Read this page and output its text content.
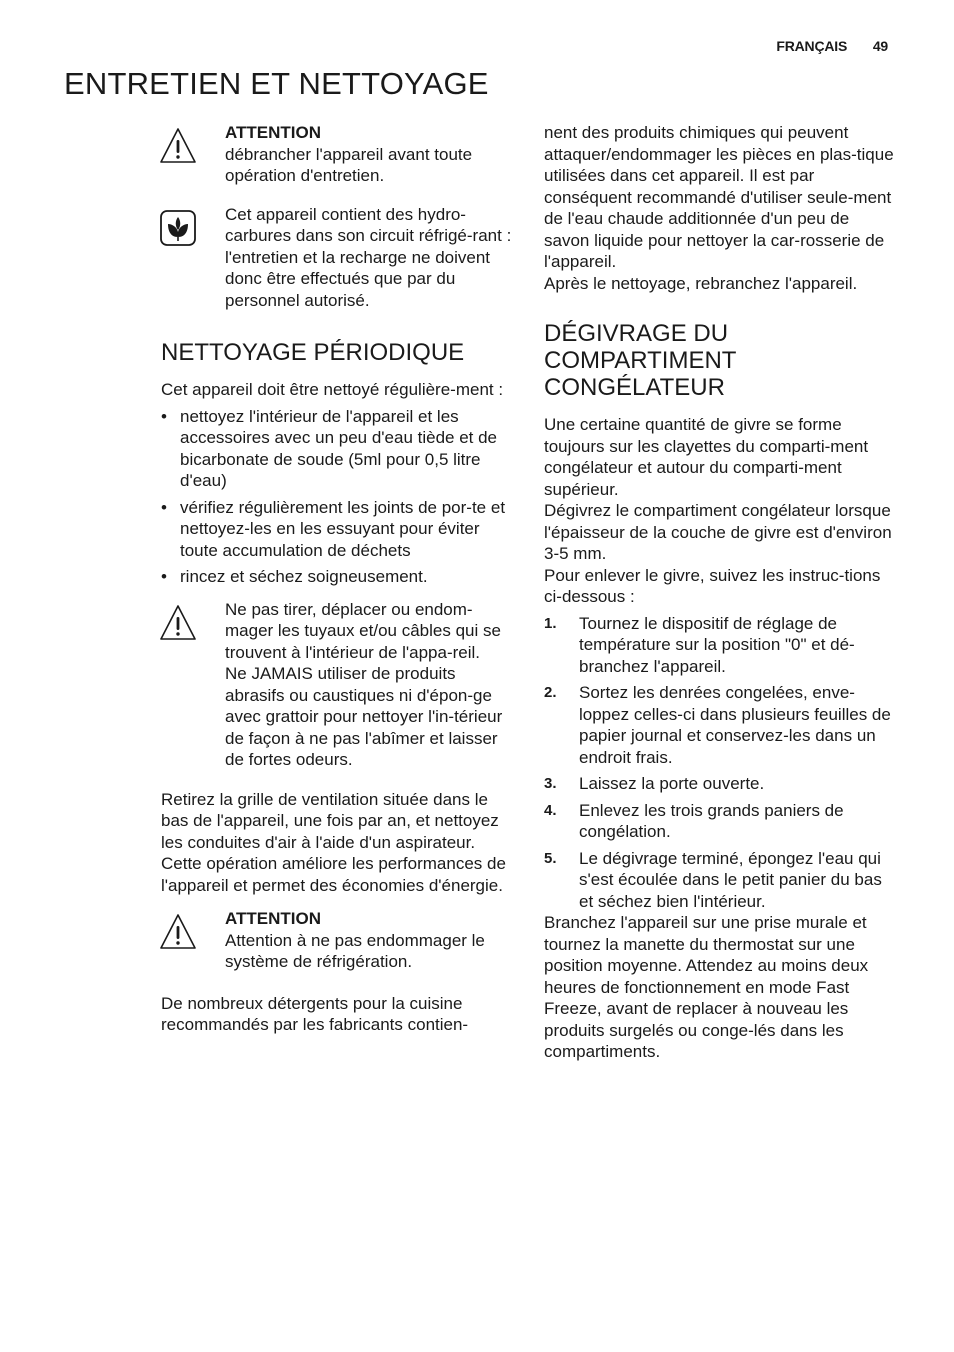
FRANÇAIS 49
ENTRETIEN ET NETTOYAGE

ATTENTION

débrancher l'appareil avant toute opération d'entretien.

Cet appareil contient des hydro-carbures dans son circuit réfrigé-rant : l'entretien et la recharge ne doivent donc être effectués que par du personnel autorisé.

NETTOYAGE PÉRIODIQUE

Cet appareil doit être nettoyé régulière-ment :

• nettoyez l'intérieur de l'appareil et les accessoires avec un peu d'eau tiède et de bicarbonate de soude (5ml pour 0,5 litre d'eau)
• vérifiez régulièrement les joints de por-te et nettoyez-les en les essuyant pour éviter toute accumulation de déchets
• rincez et séchez soigneusement.

Ne pas tirer, déplacer ou endom-mager les tuyaux et/ou câbles qui se trouvent à l'intérieur de l'appa-reil.

Ne JAMAIS utiliser de produits abrasifs ou caustiques ni d'épon-ge avec grattoir pour nettoyer l'in-térieur de façon à ne pas l'abîmer et laisser de fortes odeurs.

Retirez la grille de ventilation située dans le bas de l'appareil, une fois par an, et nettoyez les conduites d'air à l'aide d'un aspirateur. Cette opération améliore les performances de l'appareil et permet des économies d'énergie.

ATTENTION

Attention à ne pas endommager le système de réfrigération.

De nombreux détergents pour la cuisine recommandés par les fabricants contien-

nent des produits chimiques qui peuvent attaquer/endommager les pièces en plas-tique utilisées dans cet appareil. Il est par conséquent recommandé d'utiliser seule-ment de l'eau chaude additionnée d'un peu de savon liquide pour nettoyer la car-rosserie de l'appareil.

Après le nettoyage, rebranchez l'appareil.

DÉGIVRAGE DU
COMPARTIMENT
CONGÉLATEUR

Une certaine quantité de givre se forme toujours sur les clayettes du comparti-ment congélateur et autour du comparti-ment supérieur.

Dégivrez le compartiment congélateur lorsque l'épaisseur de la couche de givre est d'environ 3-5 mm.

Pour enlever le givre, suivez les instruc-tions ci-dessous :

1. Tournez le dispositif de réglage de température sur la position "0" et dé-branchez l'appareil.
2. Sortez les denrées congelées, enve-loppez celles-ci dans plusieurs feuilles de papier journal et conservez-les dans un endroit frais.
3. Laissez la porte ouverte.
4. Enlevez les trois grands paniers de congélation.
5. Le dégivrage terminé, épongez l'eau qui s'est écoulée dans le petit panier du bas et séchez bien l'intérieur.

Branchez l'appareil sur une prise murale et tournez la manette du thermostat sur une position moyenne. Attendez au moins deux heures de fonctionnement en mode Fast Freeze, avant de replacer à nouveau les produits surgelés ou conge-lés dans les compartiments.
